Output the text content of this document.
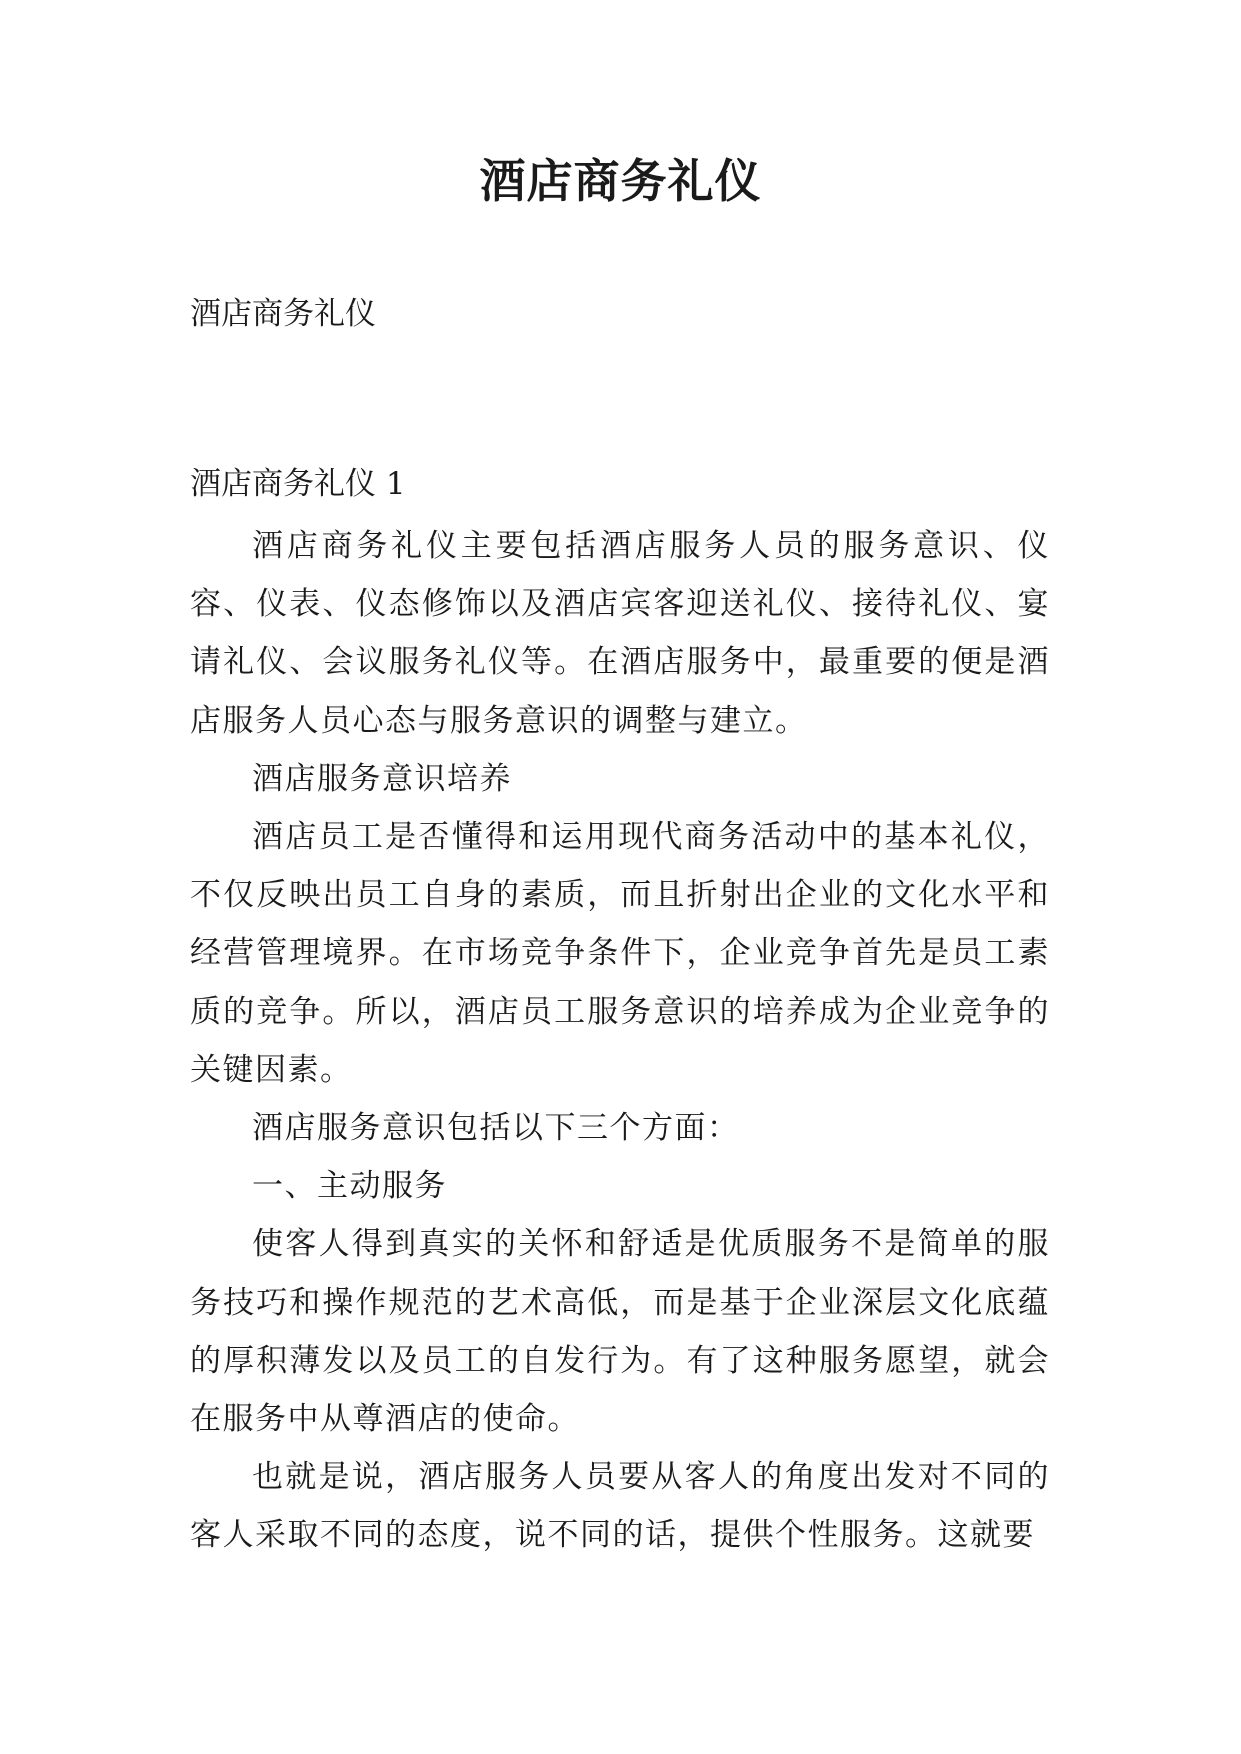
酒店商务礼仪

酒店商务礼仪

酒店商务礼仪 1

酒店商务礼仪主要包括酒店服务人员的服务意识、仪容、仪表、仪态修饰以及酒店宾客迎送礼仪、接待礼仪、宴请礼仪、会议服务礼仪等。在酒店服务中，最重要的便是酒店服务人员心态与服务意识的调整与建立。

酒店服务意识培养

酒店员工是否懂得和运用现代商务活动中的基本礼仪，不仅反映出员工自身的素质，而且折射出企业的文化水平和经营管理境界。在市场竞争条件下，企业竞争首先是员工素质的竞争。所以，酒店员工服务意识的培养成为企业竞争的关键因素。

酒店服务意识包括以下三个方面：

一、主动服务

使客人得到真实的关怀和舒适是优质服务不是简单的服务技巧和操作规范的艺术高低，而是基于企业深层文化底蕴的厚积薄发以及员工的自发行为。有了这种服务愿望，就会在服务中从尊酒店的使命。

也就是说，酒店服务人员要从客人的角度出发对不同的客人采取不同的态度，说不同的话，提供个性服务。这就要
